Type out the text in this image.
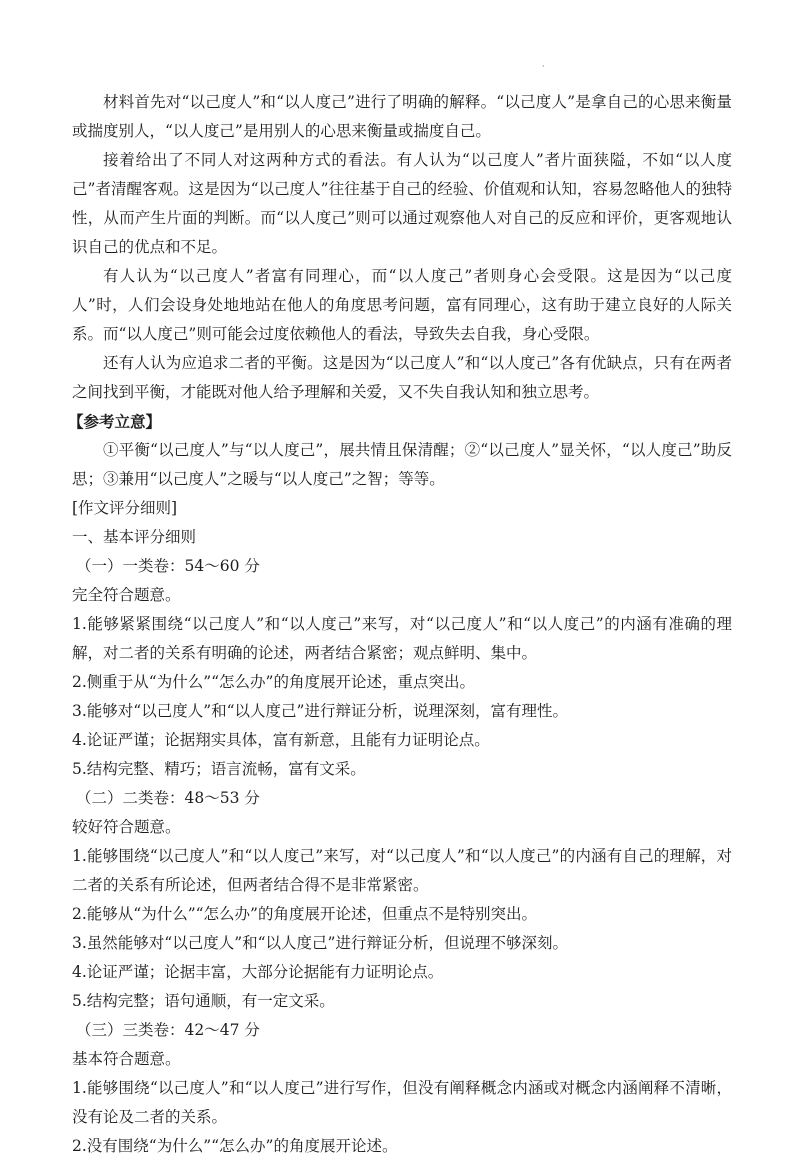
·

材料首先对“以己度人”和“以人度己”进行了明确的解释。“以己度人”是拿自己的心思来衡量或揣度别人，“以人度己”是用别人的心思来衡量或揣度自己。

接着给出了不同人对这两种方式的看法。有人认为“以己度人”者片面狭隘，不如“以人度己”者清醒客观。这是因为“以己度人”往往基于自己的经验、价值观和认知，容易忽略他人的独特性，从而产生片面的判断。而“以人度己”则可以通过观察他人对自己的反应和评价，更客观地认识自己的优点和不足。

有人认为“以己度人”者富有同理心，而“以人度己”者则身心会受限。这是因为“以己度人”时，人们会设身处地地站在他人的角度思考问题，富有同理心，这有助于建立良好的人际关系。而“以人度己”则可能会过度依赖他人的看法，导致失去自我，身心受限。

还有人认为应追求二者的平衡。这是因为“以己度人”和“以人度己”各有优缺点，只有在两者之间找到平衡，才能既对他人给予理解和关爱，又不失自我认知和独立思考。

【参考立意】

①平衡“以己度人”与“以人度己”，展共情且保清醒；②“以己度人”显关怀，“以人度己”助反思；③兼用“以己度人”之暖与“以人度己”之智；等等。

[作文评分细则]

一、基本评分细则

（一）一类卷：54～60 分

完全符合题意。

1.能够紧紧围绕“以己度人”和“以人度己”来写，对“以己度人”和“以人度己”的内涵有准确的理解，对二者的关系有明确的论述，两者结合紧密；观点鲜明、集中。

2.侧重于从“为什么”“怎么办”的角度展开论述，重点突出。

3.能够对“以己度人”和“以人度己”进行辩证分析，说理深刻，富有理性。

4.论证严谨；论据翔实具体，富有新意，且能有力证明论点。

5.结构完整、精巧；语言流畅，富有文采。

（二）二类卷：48～53 分

较好符合题意。

1.能够围绕“以己度人”和“以人度己”来写，对“以己度人”和“以人度己”的内涵有自己的理解，对二者的关系有所论述，但两者结合得不是非常紧密。

2.能够从“为什么”“怎么办”的角度展开论述，但重点不是特别突出。

3.虽然能够对“以己度人”和“以人度己”进行辩证分析，但说理不够深刻。

4.论证严谨；论据丰富，大部分论据能有力证明论点。

5.结构完整；语句通顺，有一定文采。

（三）三类卷：42～47 分

基本符合题意。

1.能够围绕“以己度人”和“以人度己”进行写作，但没有阐释概念内涵或对概念内涵阐释不清晰，没有论及二者的关系。

2.没有围绕“为什么”“怎么办”的角度展开论述。
